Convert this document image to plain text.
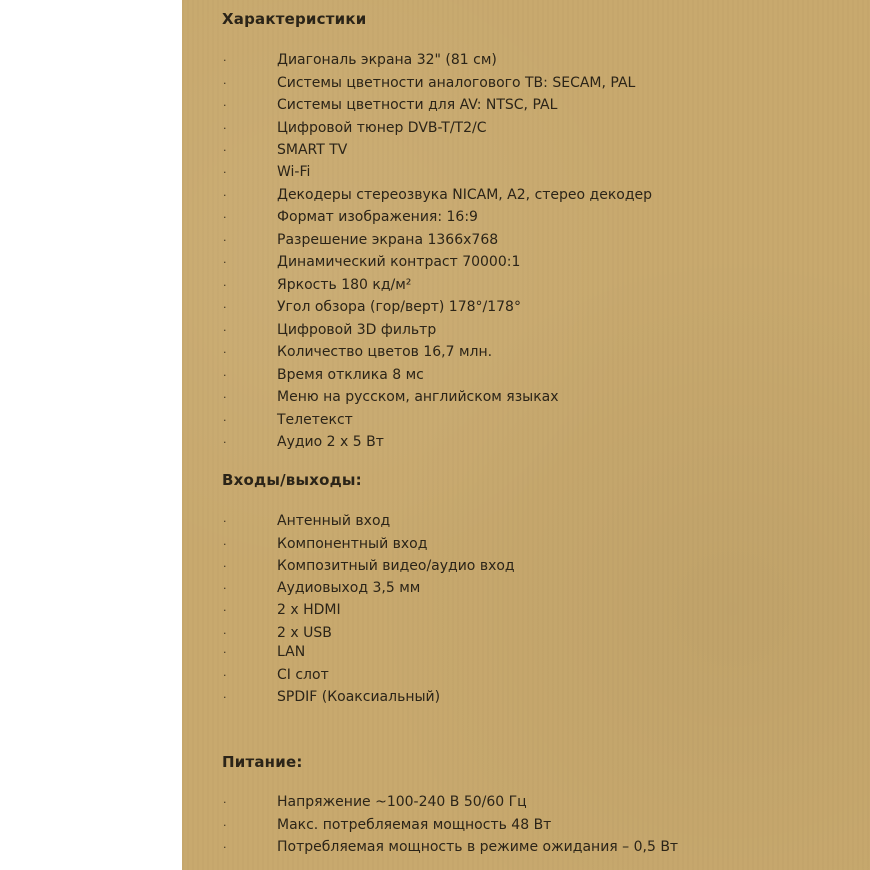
Характеристики
·	Диагональ экрана 32" (81 см)
·	Системы цветности аналогового ТВ: SECAM, PAL
·	Системы цветности для AV: NTSC, PAL
·	Цифровой тюнер DVB-T/T2/C
·	SMART TV
·	Wi-Fi
·	Декодеры стереозвука NICAM, A2, стерео декодер
·	Формат изображения: 16:9
·	Разрешение экрана 1366x768
·	Динамический контраст 70000:1
·	Яркость 180 кд/м²
·	Угол обзора (гор/верт) 178°/178°
·	Цифровой 3D фильтр
·	Количество цветов 16,7 млн.
·	Время отклика 8 мс
·	Меню на русском, английском языках
·	Телетекст
·	Аудио 2 х 5 Вт
Входы/выходы:
·	Антенный вход
·	Компонентный вход
·	Композитный видео/аудио вход
·	Аудиовыход 3,5 мм
·	2 х HDMI
·	2 х USB
·	LAN
·	CI слот
·	SPDIF (Коаксиальный)
Питание:
·	Напряжение ~100-240 В 50/60 Гц
·	Макс. потребляемая мощность 48 Вт
·	Потребляемая мощность в режиме ожидания – 0,5 Вт
